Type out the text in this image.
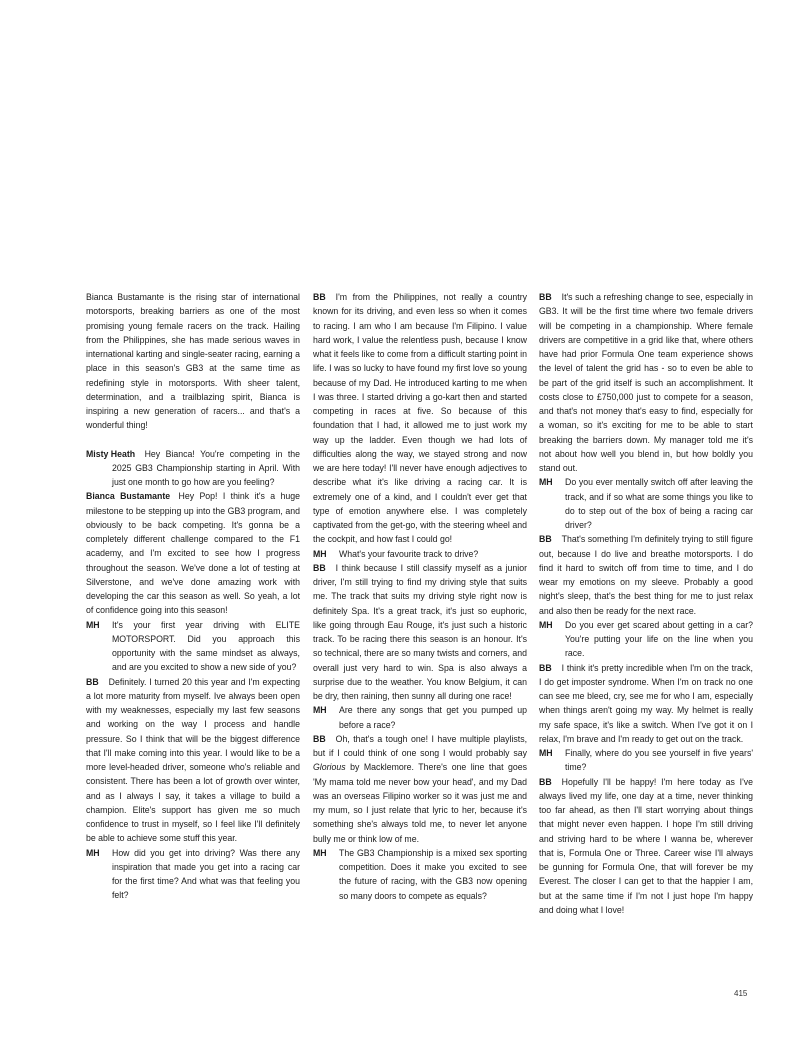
Bianca Bustamante is the rising star of international motorsports, breaking barriers as one of the most promising young female racers on the track. Hailing from the Philippines, she has made serious waves in international karting and single-seater racing, earning a place in this season's GB3 at the same time as redefining style in motorsports. With sheer talent, determination, and a trailblazing spirit, Bianca is inspiring a new generation of racers... and that's a wonderful thing!

Misty Heath Hey Bianca! You're competing in the 2025 GB3 Championship starting in April. With just one month to go how are you feeling?

Bianca Bustamante Hey Pop! I think it's a huge milestone to be stepping up into the GB3 program, and obviously to be back competing. It's gonna be a completely different challenge compared to the F1 academy, and I'm excited to see how I progress throughout the season. We've done a lot of testing at Silverstone, and we've done amazing work with developing the car this season as well. So yeah, a lot of confidence going into this season!

MH It's your first year driving with ELITE MOTORSPORT. Did you approach this opportunity with the same mindset as always, and are you excited to show a new side of you?

BB Definitely. I turned 20 this year and I'm expecting a lot more maturity from myself. Ive always been open with my weaknesses, especially my last few seasons and working on the way I process and handle pressure. So I think that will be the biggest difference that I'll make coming into this year. I would like to be a more level-headed driver, someone who's reliable and consistent. There has been a lot of growth over winter, and as I always I say, it takes a village to build a champion. Elite's support has given me so much confidence to trust in myself, so I feel like I'll definitely be able to achieve some stuff this year.

MH How did you get into driving? Was there any inspiration that made you get into a racing car for the first time? And what was that feeling you felt?

BB I'm from the Philippines, not really a country known for its driving, and even less so when it comes to racing. I am who I am because I'm Filipino. I value hard work, I value the relentless push, because I know what it feels like to come from a difficult starting point in life. I was so lucky to have found my first love so young because of my Dad. He introduced karting to me when I was three. I started driving a go-kart then and started competing in races at five. So because of this foundation that I had, it allowed me to just work my way up the ladder. Even though we had lots of difficulties along the way, we stayed strong and now we are here today! I'll never have enough adjectives to describe what it's like driving a racing car. It is extremely one of a kind, and I couldn't ever get that type of emotion anywhere else. I was completely captivated from the get-go, with the steering wheel and the cockpit, and how fast I could go!

MH What's your favourite track to drive?

BB I think because I still classify myself as a junior driver, I'm still trying to find my driving style that suits me. The track that suits my driving style right now is definitely Spa. It's a great track, it's just so euphoric, like going through Eau Rouge, it's just such a historic track. To be racing there this season is an honour. It's so technical, there are so many twists and corners, and overall just very hard to win. Spa is also always a surprise due to the weather. You know Belgium, it can be dry, then raining, then sunny all during one race!

MH Are there any songs that get you pumped up before a race?

BB Oh, that's a tough one! I have multiple playlists, but if I could think of one song I would probably say Glorious by Macklemore. There's one line that goes 'My mama told me never bow your head', and my Dad was an overseas Filipino worker so it was just me and my mum, so I just relate that lyric to her, because it's something she's always told me, to never let anyone bully me or think low of me.

MH The GB3 Championship is a mixed sex sporting competition. Does it make you excited to see the future of racing, with the GB3 now opening so many doors to compete as equals?

BB It's such a refreshing change to see, especially in GB3. It will be the first time where two female drivers will be competing in a championship. Where female drivers are competitive in a grid like that, where others have had prior Formula One team experience shows the level of talent the grid has - so to even be able to be part of the grid itself is such an accomplishment. It costs close to £750,000 just to compete for a season, and that's not money that's easy to find, especially for a woman, so it's exciting for me to be able to start breaking the barriers down. My manager told me it's not about how well you blend in, but how boldly you stand out.

MH Do you ever mentally switch off after leaving the track, and if so what are some things you like to do to step out of the box of being a racing car driver?

BB That's something I'm definitely trying to still figure out, because I do live and breathe motorsports. I do find it hard to switch off from time to time, and I do wear my emotions on my sleeve. Probably a good night's sleep, that's the best thing for me to just relax and also then be ready for the next race.

MH Do you ever get scared about getting in a car? You're putting your life on the line when you race.

BB I think it's pretty incredible when I'm on the track, I do get imposter syndrome. When I'm on track no one can see me bleed, cry, see me for who I am, especially when things aren't going my way. My helmet is really my safe space, it's like a switch. When I've got it on I relax, I'm brave and I'm ready to get out on the track.

MH Finally, where do you see yourself in five years' time?

BB Hopefully I'll be happy! I'm here today as I've always lived my life, one day at a time, never thinking too far ahead, as then I'll start worrying about things that might never even happen. I hope I'm still driving and striving hard to be where I wanna be, wherever that is, Formula One or Three. Career wise I'll always be gunning for Formula One, that will forever be my Everest. The closer I can get to that the happier I am, but at the same time if I'm not I just hope I'm happy and doing what I love!

415
